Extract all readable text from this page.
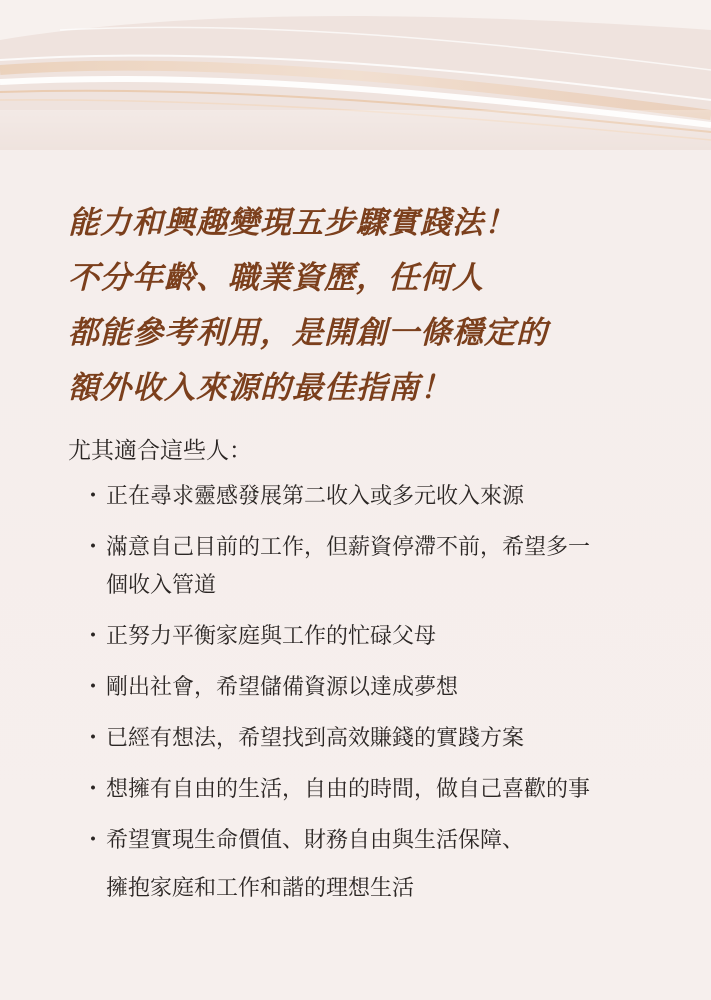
能力和興趣變現五步驟實踐法！
不分年齡、職業資歷，任何人
都能參考利用，是開創一條穩定的
額外收入來源的最佳指南！
尤其適合這些人：
・ 正在尋求靈感發展第二收入或多元收入來源
・ 滿意自己目前的工作，但薪資停滯不前，希望多一
個收入管道
・ 正努力平衡家庭與工作的忙碌父母
・ 剛出社會，希望儲備資源以達成夢想
・ 已經有想法，希望找到高效賺錢的實踐方案
・ 想擁有自由的生活，自由的時間，做自己喜歡的事
・ 希望實現生命價值、財務自由與生活保障、
擁抱家庭和工作和諧的理想生活
